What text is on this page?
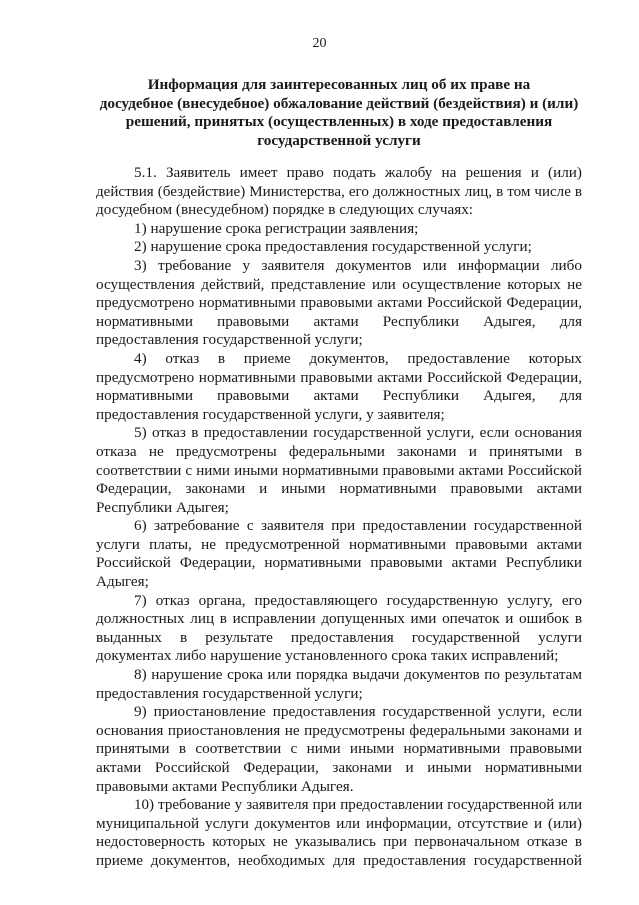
20
Информация для заинтересованных лиц об их праве на
досудебное (внесудебное) обжалование действий (бездействия) и (или)
решений, принятых (осуществленных) в ходе предоставления
государственной услуги
5.1. Заявитель имеет право подать жалобу на решения и (или)
действия (бездействие) Министерства, его должностных лиц, в том числе в
досудебном (внесудебном) порядке в следующих случаях:
1) нарушение срока регистрации заявления;
2) нарушение срока предоставления государственной услуги;
3) требование у заявителя документов или информации либо
осуществления действий, представление или осуществление которых не
предусмотрено нормативными правовыми актами Российской Федерации,
нормативными правовыми актами Республики Адыгея, для
предоставления государственной услуги;
4) отказ в приеме документов, предоставление которых
предусмотрено нормативными правовыми актами Российской Федерации,
нормативными правовыми актами Республики Адыгея, для
предоставления государственной услуги, у заявителя;
5) отказ в предоставлении государственной услуги, если основания
отказа не предусмотрены федеральными законами и принятыми в
соответствии с ними иными нормативными правовыми актами Российской
Федерации, законами и иными нормативными правовыми актами
Республики Адыгея;
6) затребование с заявителя при предоставлении государственной
услуги платы, не предусмотренной нормативными правовыми актами
Российской Федерации, нормативными правовыми актами Республики
Адыгея;
7) отказ органа, предоставляющего государственную услугу, его
должностных лиц в исправлении допущенных ими опечаток и ошибок в
выданных в результате предоставления государственной услуги
документах либо нарушение установленного срока таких исправлений;
8) нарушение срока или порядка выдачи документов по результатам
предоставления государственной услуги;
9) приостановление предоставления государственной услуги, если
основания приостановления не предусмотрены федеральными законами и
принятыми в соответствии с ними иными нормативными правовыми
актами Российской Федерации, законами и иными нормативными
правовыми актами Республики Адыгея.
10) требование у заявителя при предоставлении государственной или
муниципальной услуги документов или информации, отсутствие и (или)
недостоверность которых не указывались при первоначальном отказе в
приеме документов, необходимых для предоставления государственной
